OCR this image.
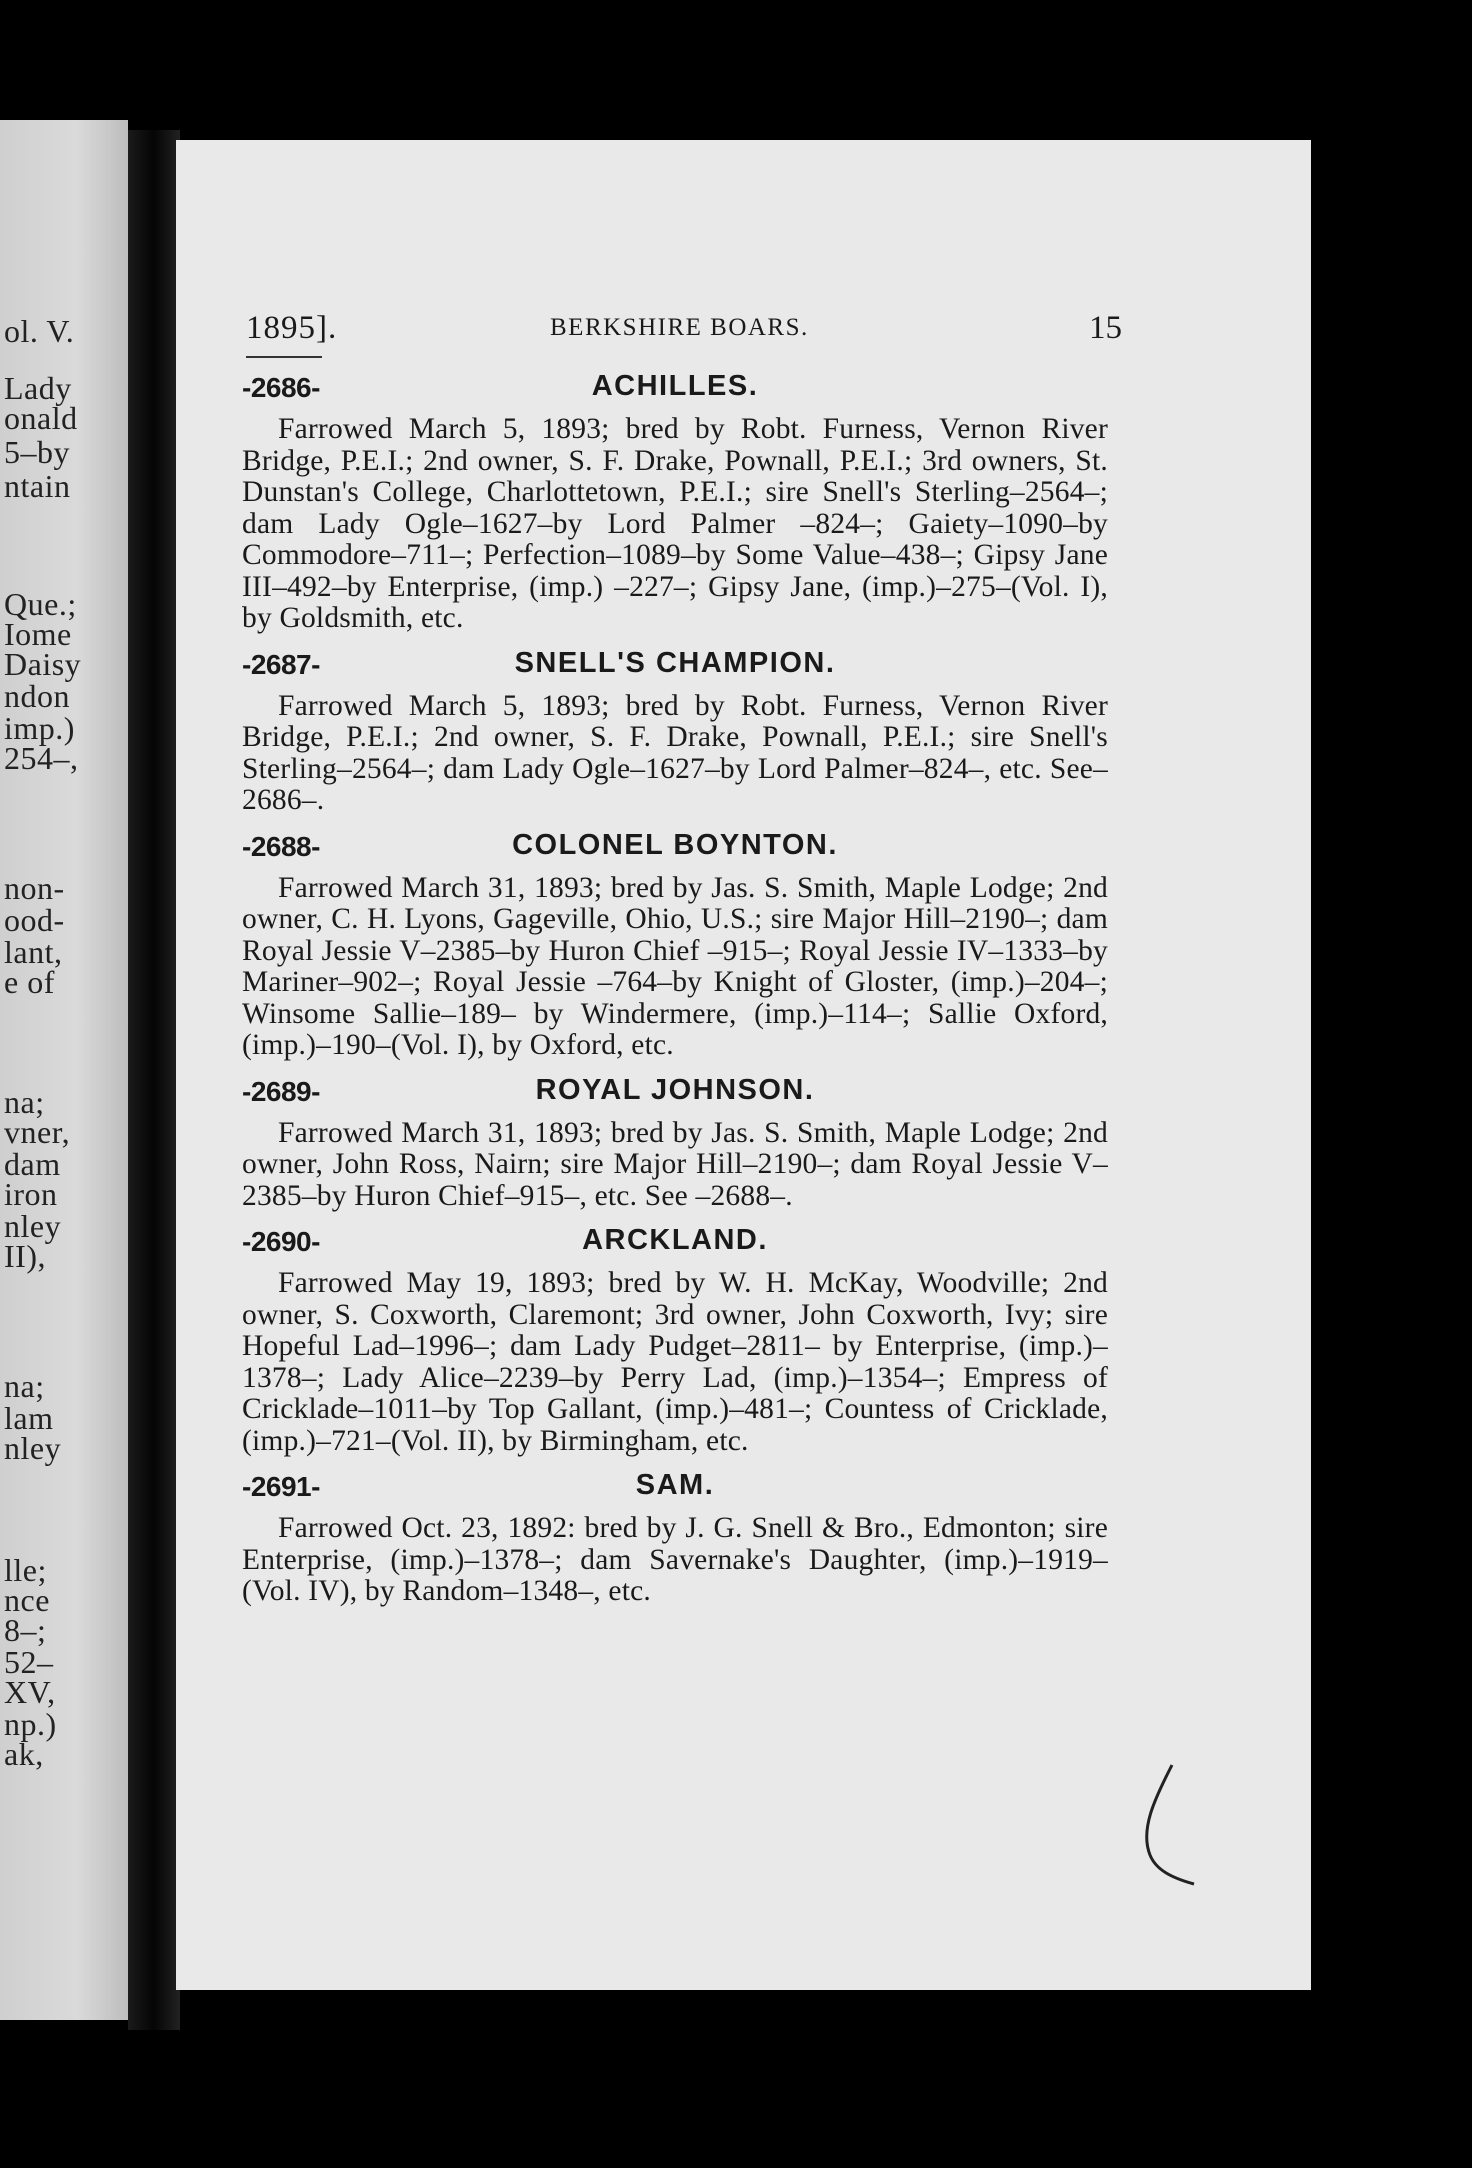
ol. V.
Lady
onald
5–by
ntain
Que.;
Iome
Daisy
ndon
imp.)
254–,
non-
ood-
lant,
e of
na;
vner,
dam
iron
nley
II),
na;
lam
nley
lle;
nce
8–;
52–
XV,
np.)
ak,
1895].	BERKSHIRE BOARS.	15
-2686-	ACHILLES.

Farrowed March 5, 1893; bred by Robt. Furness, Vernon River Bridge, P.E.I.; 2nd owner, S. F. Drake, Pownall, P.E.I.; 3rd owners, St. Dunstan's College, Charlottetown, P.E.I.; sire Snell's Sterling–2564–; dam Lady Ogle–1627–by Lord Palmer –824–; Gaiety–1090–by Commodore–711–; Perfection–1089–by Some Value–438–; Gipsy Jane III–492–by Enterprise, (imp.) –227–; Gipsy Jane, (imp.)–275–(Vol. I), by Goldsmith, etc.

-2687-	SNELL'S CHAMPION.

Farrowed March 5, 1893; bred by Robt. Furness, Vernon River Bridge, P.E.I.; 2nd owner, S. F. Drake, Pownall, P.E.I.; sire Snell's Sterling–2564–; dam Lady Ogle–1627–by Lord Palmer–824–, etc. See–2686–.

-2688-	COLONEL BOYNTON.

Farrowed March 31, 1893; bred by Jas. S. Smith, Maple Lodge; 2nd owner, C. H. Lyons, Gageville, Ohio, U.S.; sire Major Hill–2190–; dam Royal Jessie V–2385–by Huron Chief –915–; Royal Jessie IV–1333–by Mariner–902–; Royal Jessie –764–by Knight of Gloster, (imp.)–204–; Winsome Sallie–189– by Windermere, (imp.)–114–; Sallie Oxford, (imp.)–190–(Vol. I), by Oxford, etc.

-2689-	ROYAL JOHNSON.

Farrowed March 31, 1893; bred by Jas. S. Smith, Maple Lodge; 2nd owner, John Ross, Nairn; sire Major Hill–2190–; dam Royal Jessie V–2385–by Huron Chief–915–, etc. See –2688–.

-2690-	ARCKLAND.

Farrowed May 19, 1893; bred by W. H. McKay, Woodville; 2nd owner, S. Coxworth, Claremont; 3rd owner, John Coxworth, Ivy; sire Hopeful Lad–1996–; dam Lady Pudget–2811– by Enterprise, (imp.)–1378–; Lady Alice–2239–by Perry Lad, (imp.)–1354–; Empress of Cricklade–1011–by Top Gallant, (imp.)–481–; Countess of Cricklade, (imp.)–721–(Vol. II), by Birmingham, etc.

-2691-	SAM.

Farrowed Oct. 23, 1892: bred by J. G. Snell & Bro., Edmonton; sire Enterprise, (imp.)–1378–; dam Savernake's Daughter, (imp.)–1919–(Vol. IV), by Random–1348–, etc.
